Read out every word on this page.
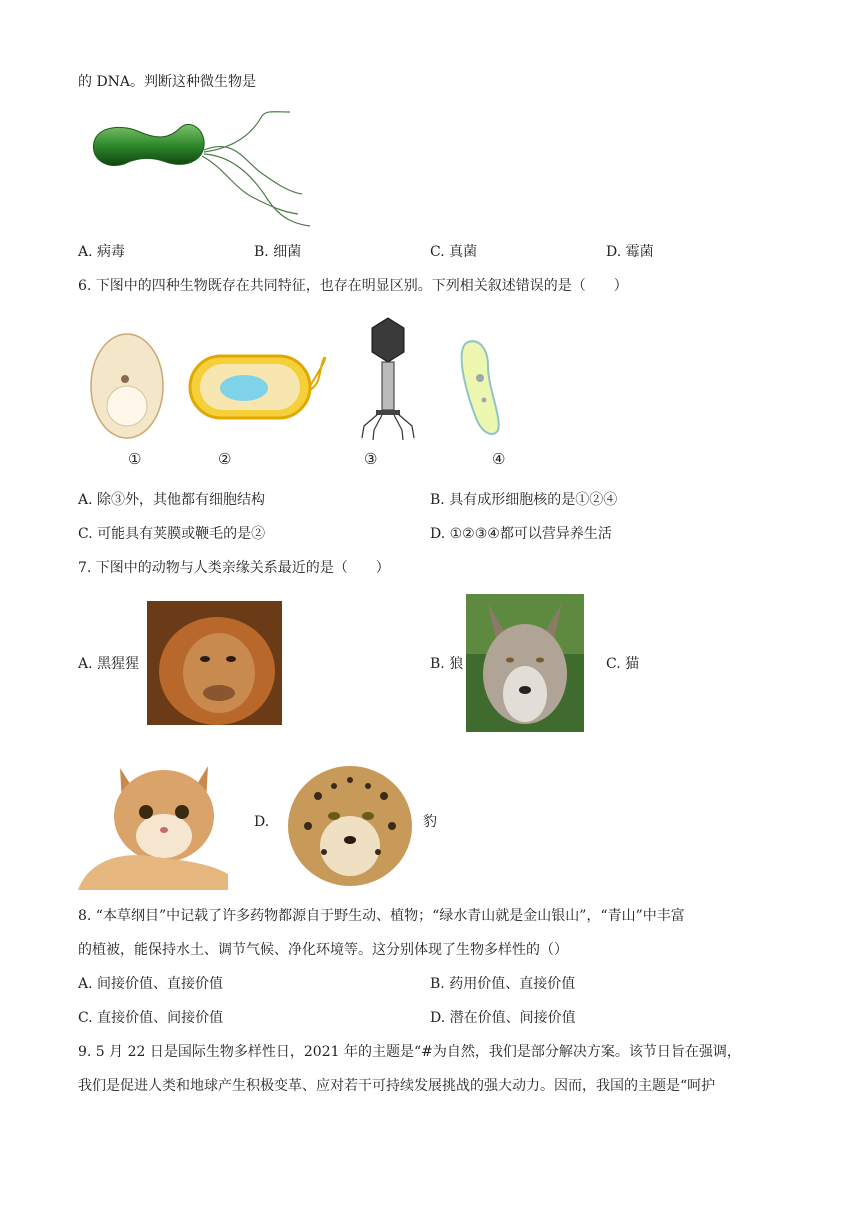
的 DNA。判断这种微生物是
A. 病毒	B. 细菌	C. 真菌	D. 霉菌
6. 下图中的四种生物既存在共同特征，也存在明显区别。下列相关叙述错误的是（　　）
①	②	③	④
A. 除③外，其他都有细胞结构	B. 具有成形细胞核的是①②④
C. 可能具有荚膜或鞭毛的是②	D. ①②③④都可以营异养生活
7. 下图中的动物与人类亲缘关系最近的是（　　）
A. 黑猩猩	B. 狼	C. 猫
D.	豹
8. “本草纲目”中记载了许多药物都源自于野生动、植物；“绿水青山就是金山银山”，“青山”中丰富
的植被，能保持水土、调节气候、净化环境等。这分别体现了生物多样性的（）
A. 间接价值、直接价值	B. 药用价值、直接价值
C. 直接价值、间接价值	D. 潜在价值、间接价值
9. 5 月 22 日是国际生物多样性日，2021 年的主题是“#为自然，我们是部分解决方案。该节日旨在强调，
我们是促进人类和地球产生积极变革、应对若干可持续发展挑战的强大动力。因而，我国的主题是“呵护
